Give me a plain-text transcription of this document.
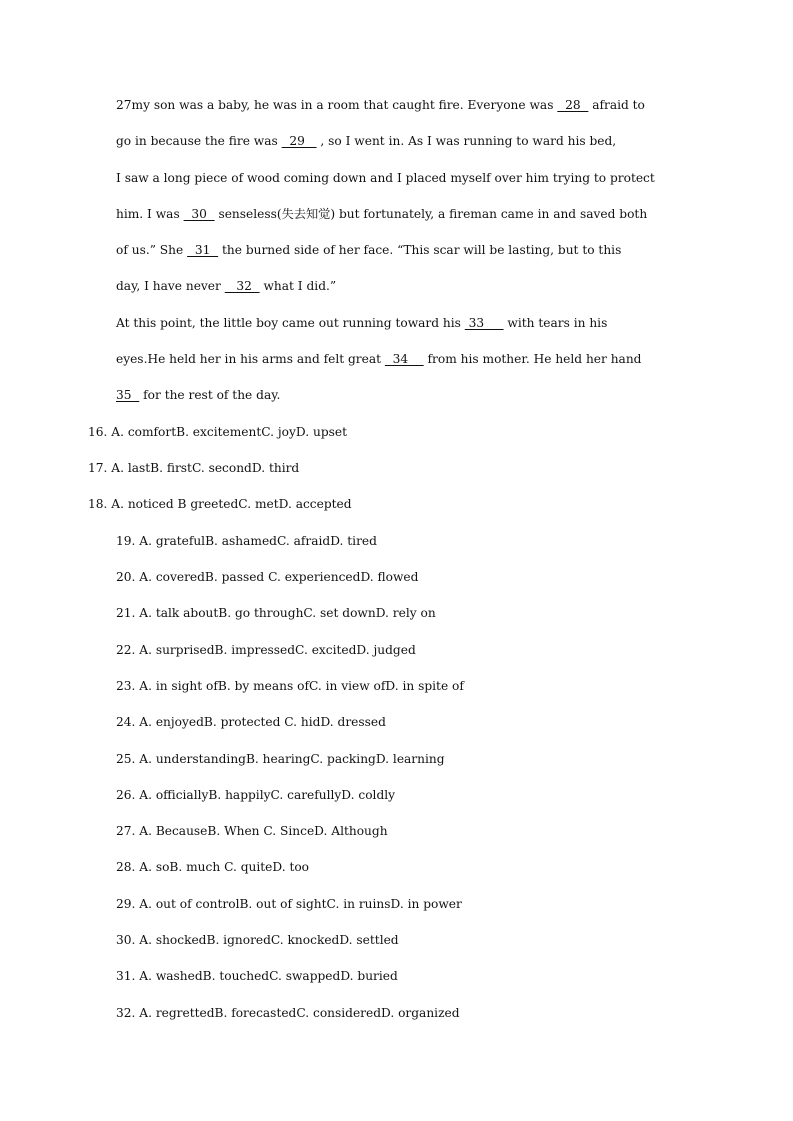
27my son was a baby, he was in a room that caught fire. Everyone was   28   afraid to
go in because the fire was   29    , so I went in. As I was running to ward his bed,
I saw a long piece of wood coming down and I placed myself over him trying to protect
him. I was   30   senseless(失去知觉) but fortunately, a fireman came in and saved both
of us.” She   31   the burned side of her face. “This scar will be lasting, but to this
day, I have never    32   what I did.”
At this point, the little boy came out running toward his  33      with tears in his
eyes.He held her in his arms and felt great   34     from his mother. He held her hand
35   for the rest of the day.
16. A. comfortB. excitementC. joyD. upset
17. A. lastB. firstC. secondD. third
18. A. noticed B greetedC. metD. accepted
19. A. gratefulB. ashamedC. afraidD. tired
20. A. coveredB. passed C. experiencedD. flowed
21. A. talk aboutB. go throughC. set downD. rely on
22. A. surprisedB. impressedC. excitedD. judged
23. A. in sight ofB. by means ofC. in view ofD. in spite of
24. A. enjoyedB. protected C. hidD. dressed
25. A. understandingB. hearingC. packingD. learning
26. A. officiallyB. happilyC. carefullyD. coldly
27. A. BecauseB. When C. SinceD. Although
28. A. soB. much C. quiteD. too
29. A. out of controlB. out of sightC. in ruinsD. in power
30. A. shockedB. ignoredC. knockedD. settled
31. A. washedB. touchedC. swappedD. buried
32. A. regrettedB. forecastedC. consideredD. organized
